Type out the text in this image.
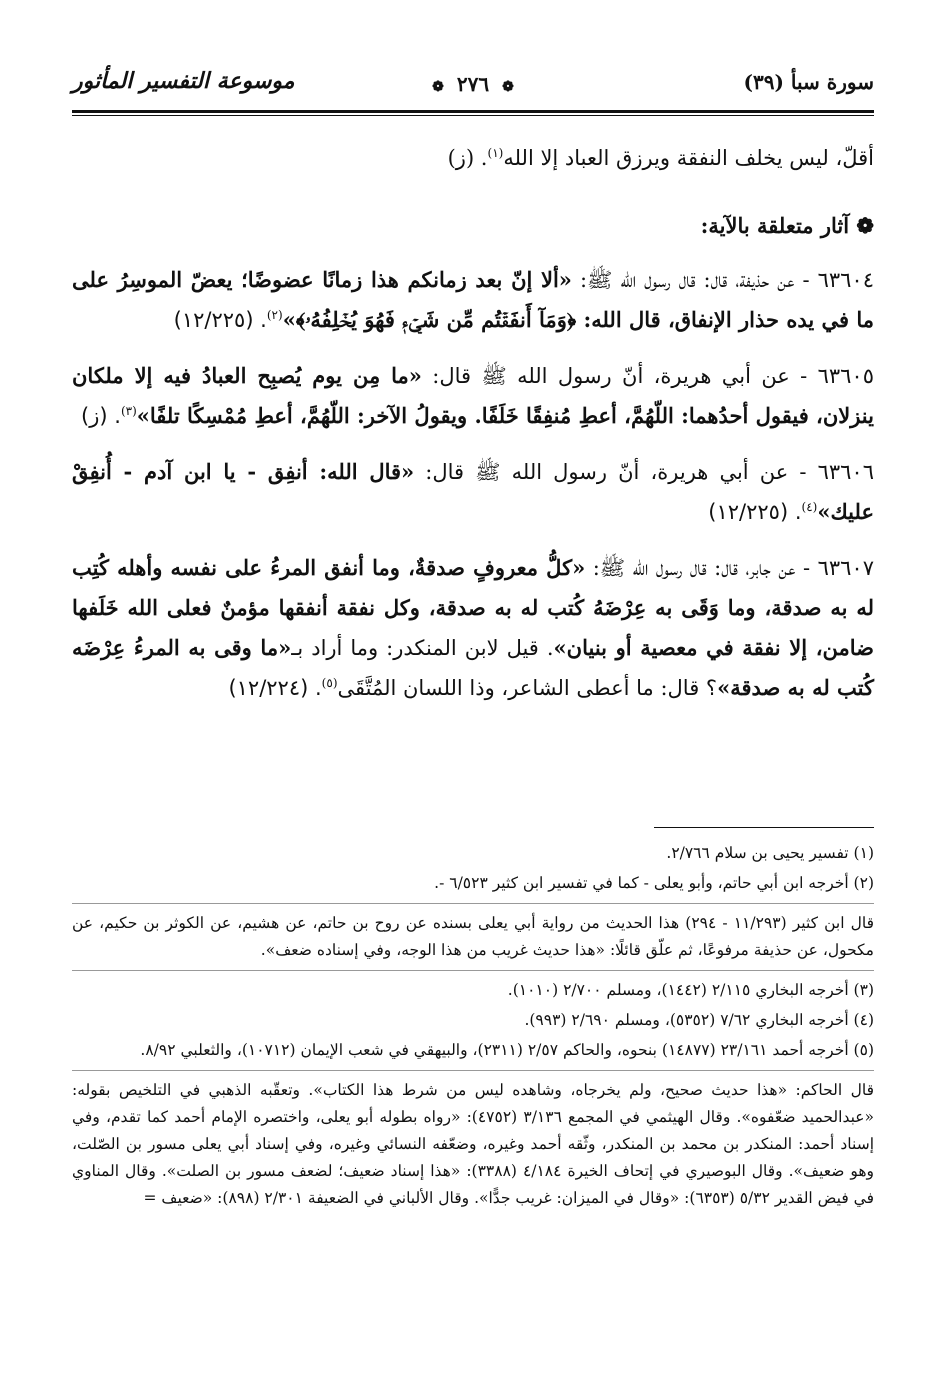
سورة سبأ (٣٩)
❁ ٢٧٦ ❁
موسوعة التفسير المأثور

أقلّ، ليس يخلف النفقة ويرزق العباد إلا الله$^{(١)}$. (ز)

❁ آثار متعلقة بالآية:

٦٣٦٠٤ - عن حذيفة، قال: قال رسول الله ﷺ: «ألا إنّ بعد زمانكم هذا زمانًا عضوضًا؛ يعضّ الموسِرُ على ما في يده حذار الإنفاق، قال الله: ﴿وَمَآ أَنفَقۡتُم مِّن شَيۡءٖ فَهُوَ يُخۡلِفُهُۥ﴾»$^{(٢)}$. (١٢/٢٢٥)

٦٣٦٠٥ - عن أبي هريرة، أنّ رسول الله ﷺ قال: «ما مِن يوم يُصبِح العبادُ فيه إلا ملكان ينزلان، فيقول أحدُهما: اللّهُمَّ، أعطِ مُنفِقًا خَلَفًا. ويقولُ الآخر: اللّهُمَّ، أعطِ مُمْسِكًا تلفًا»$^{(٣)}$. (ز)

٦٣٦٠٦ - عن أبي هريرة، أنّ رسول الله ﷺ قال: «قال الله: أنفِق - يا ابن آدم - أُنفِقْ عليك»$^{(٤)}$. (١٢/٢٢٥)

٦٣٦٠٧ - عن جابر، قال: قال رسول الله ﷺ: «كلُّ معروفٍ صدقةٌ، وما أنفق المرءُ على نفسه وأهله كُتِب له به صدقة، وما وَقَى به عِرْضَهُ كُتب له به صدقة، وكل نفقة أنفقها مؤمنٌ فعلى الله خَلَفها ضامن، إلا نفقة في معصية أو بنيان». قيل لابن المنكدر: وما أراد بـ«ما وقى به المرءُ عِرْضَه كُتب له به صدقة»؟ قال: ما أعطى الشاعر، وذا اللسان المُتَّقَى$^{(٥)}$. (١٢/٢٢٤)

(١) تفسير يحيى بن سلام ٢/٧٦٦.

(٢) أخرجه ابن أبي حاتم، وأبو يعلى - كما في تفسير ابن كثير ٦/٥٢٣ -.

قال ابن كثير (١١/٢٩٣ - ٢٩٤) هذا الحديث من رواية أبي يعلى بسنده عن روح بن حاتم، عن هشيم، عن الكوثر بن حكيم، عن مكحول، عن حذيفة مرفوعًا، ثم علّق قائلًا: «هذا حديث غريب من هذا الوجه، وفي إسناده ضعف».

(٣) أخرجه البخاري ٢/١١٥ (١٤٤٢)، ومسلم ٢/٧٠٠ (١٠١٠).

(٤) أخرجه البخاري ٧/٦٢ (٥٣٥٢)، ومسلم ٢/٦٩٠ (٩٩٣).

(٥) أخرجه أحمد ٢٣/١٦١ (١٤٨٧٧) بنحوه، والحاكم ٢/٥٧ (٢٣١١)، والبيهقي في شعب الإيمان (١٠٧١٢)، والثعلبي ٨/٩٢.

قال الحاكم: «هذا حديث صحيح، ولم يخرجاه، وشاهده ليس من شرط هذا الكتاب». وتعقّبه الذهبي في التلخيص بقوله: «عبدالحميد ضعّفوه». وقال الهيثمي في المجمع ٣/١٣٦ (٤٧٥٢): «رواه بطوله أبو يعلى، واختصره الإمام أحمد كما تقدم، وفي إسناد أحمد: المنكدر بن محمد بن المنكدر، وثّقه أحمد وغيره، وضعّفه النسائي وغيره، وفي إسناد أبي يعلى مسور بن الصّلت، وهو ضعيف». وقال البوصيري في إتحاف الخيرة ٤/١٨٤ (٣٣٨٨): «هذا إسناد ضعيف؛ لضعف مسور بن الصلت». وقال المناوي في فيض القدير ٥/٣٢ (٦٣٥٣): «وقال في الميزان: غريب جدًّا». وقال الألباني في الضعيفة ٢/٣٠١ (٨٩٨): «ضعيف =
